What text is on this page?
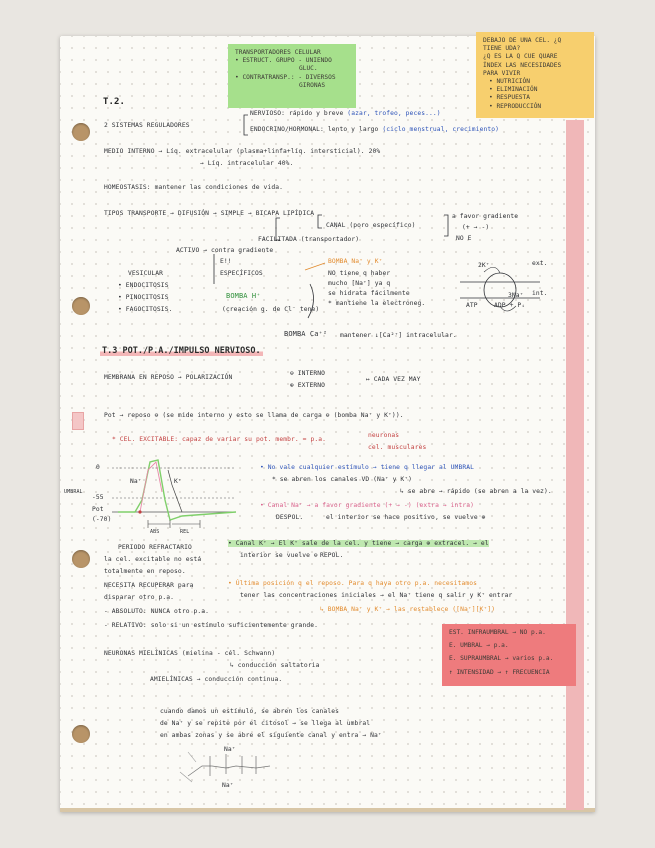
TRANSPORTADORES CELULAR
• ESTRUCT. GRUPO - UNIENDO
GLUC.
• CONTRATRANSP.: - DIVERSOS
GIRONAS
DEBAJO DE UNA CEL. ¿Q
TIENE UDA?
¿Q ES LA Q CUE QUARE
ÍNDEX LAS NECESIDADES
PARA VIVIR
• NUTRICIÓN
• ELIMINACIÓN
• RESPUESTA
• REPRODUCCIÓN
EST. INFRAUMBRAL → NO p.a.
E. UMBRAL → p.a.
E. SUPRAUMBRAL → varios p.a.
↑ INTENSIDAD → ↑ FRECUENCIA
T.2.
2 SISTEMAS REGULADORES
NERVIOSO: rápido y breve (azar, trofeo, peces...)
ENDOCRINO/HORMONAL: lento y largo (ciclo menstrual, crecimiento)
MEDIO INTERNO → Líq. extracelular (plasma+linfa+líq. intersticial). 20%
→ Líq. intracelular 40%.
HOMEOSTASIS: mantener las condiciones de vida.
TIPOS TRANSPORTE → DIFUSIÓN → SIMPLE → BICAPA LIPÍDICA
CANAL (poro específico)
a favor gradiente
(+ → -)
NO E
FACILITADA (transportador)
ACTIVO → contra gradiente
E!!
ESPECÍFICOS
BOMBA Na⁺ y K⁺
NO tiene q haber
mucho [Na⁺] ya q
se hidrata fácilmente
* mantiene la electroneg.
VESICULAR
• ENDOCITOSIS
• PINOCITOSIS
• FAGOCITOSIS.
BOMBA H⁺
(creación g. de Cl⁻ tene)
BOMBA Ca⁺² mantener ↓[Ca²⁺] intracelular.
ext.
int.
2K⁺
3Na⁺
ATP	ADP + Pᵢ
T.3 POT./P.A./IMPULSO NERVIOSO.
MEMBRANA EN REPOSO → POLARIZACIÓN
⊖ INTERNO
⊕ EXTERNO
↦ CADA VEZ MAY
Pot → reposo ⊖ (se mide interno y esto se llama de carga ⊖ (bomba Na⁺ y K⁺)).
* CEL. EXCITABLE: capaz de variar su pot. membr. = p.a.
neuronas
cel. musculares
0
-55
UMBRAL
Pot
(-70)
Na⁺	K⁺
ABS	REL
• No vale cualquier estímulo → tiene q llegar al UMBRAL
* se abren los canales VD (Na⁺ y K⁺)
↳ se abre → rápido (se abren a la vez).
• Canal Na⁺ → a favor gradiente (+ → -) (extra → intra)
DESPOL.	el interior se hace positivo, se vuelve ⊕
• Canal K⁺ → El K⁺ sale de la cel. y tiene → carga ⊕ extracel. → el
interior se vuelve ⊖ REPOL.
PERIODO REFRACTARIO
la cel. excitable no está
totalmente en reposo.
NECESITA RECUPERAR para
disparar otro p.a.
- ABSOLUTO: NUNCA otro p.a.
- RELATIVO: solo si un estímulo suficientemente grande.
• Última posición q el reposo. Para q haya otro p.a. necesitamos
tener las concentraciones iniciales → el Na⁺ tiene q salir y K⁺ entrar
↳ BOMBA Na⁺ y K⁺ → las restablece ([Na⁺][K⁺])
NEURONAS MIELÍNICAS (mielina - cél. Schwann)
↳ conducción saltatoria
AMIELÍNICAS → conducción continua.
cuando damos un estímulo, se abren los canales
de Na⁺ y se repite por el citosol → se llega al umbral
en ambas zonas y se abre el siguiente canal y entra → Na⁺
Na⁺
Na⁺
